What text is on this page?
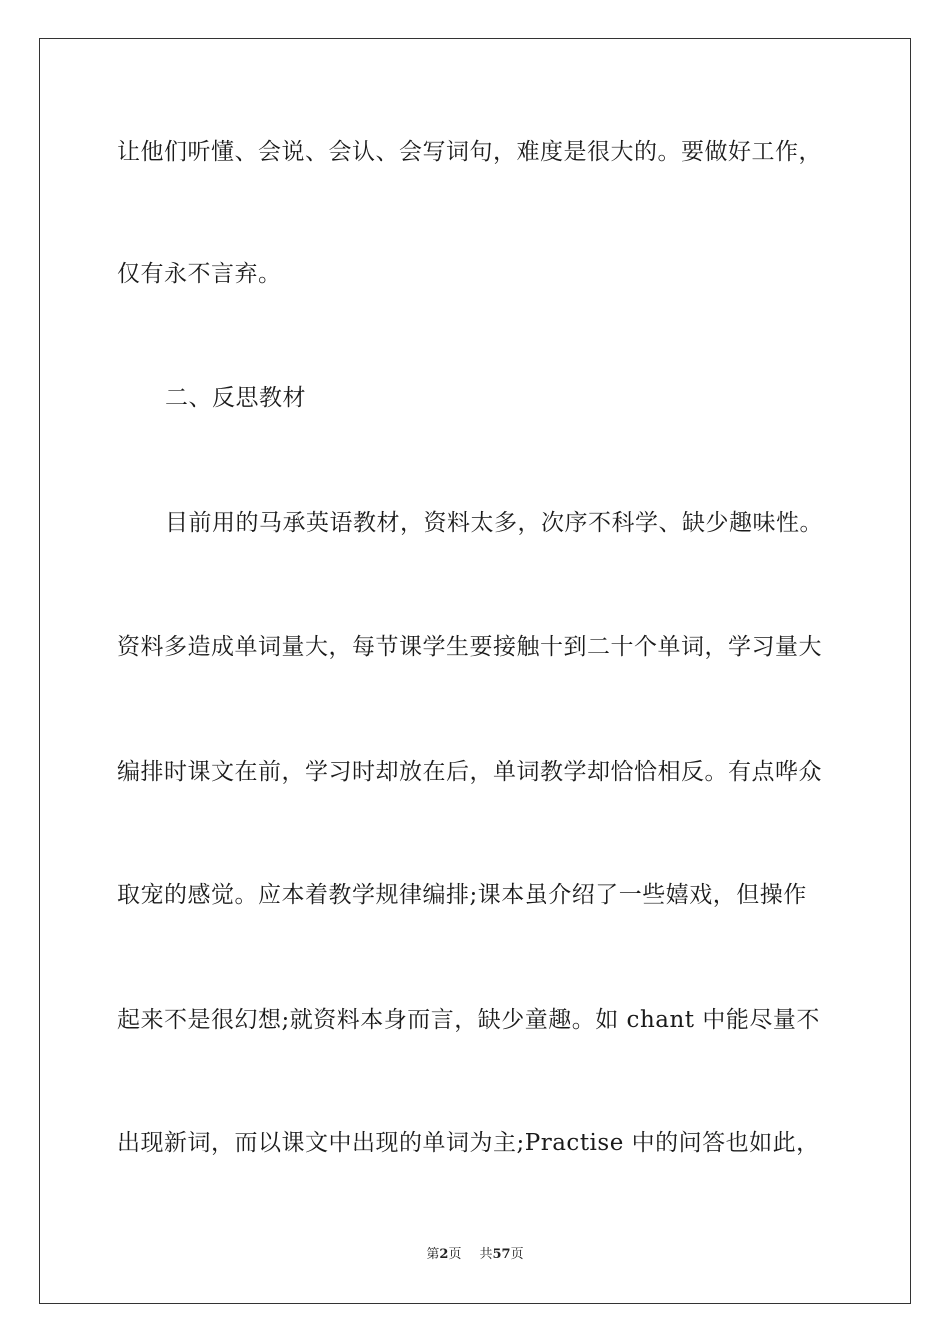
让他们听懂、会说、会认、会写词句，难度是很大的。要做好工作，
仅有永不言弃。
二、反思教材
目前用的马承英语教材，资料太多，次序不科学、缺少趣味性。
资料多造成单词量大，每节课学生要接触十到二十个单词，学习量大
编排时课文在前，学习时却放在后，单词教学却恰恰相反。有点哗众
取宠的感觉。应本着教学规律编排;课本虽介绍了一些嬉戏，但操作
起来不是很幻想;就资料本身而言，缺少童趣。如 chant 中能尽量不
出现新词，而以课文中出现的单词为主;Practise 中的问答也如此，
第2页 共57页
